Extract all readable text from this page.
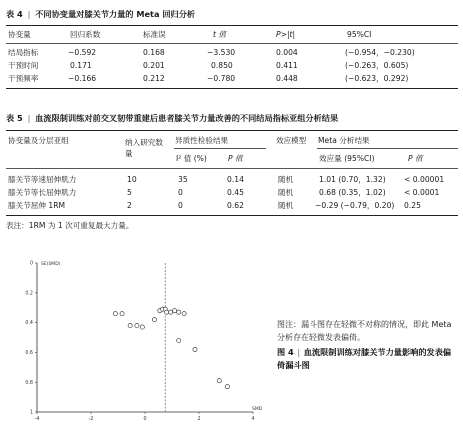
表 4 | 不同协变量对膝关节力量的 Meta 回归分析
协变量	回归系数	标准误	t 值	P>|t|	95%CI
结局指标	−0.592	0.168	−3.530	0.004	(−0.954，−0.230)
干预时间	0.171	0.201	0.850	0.411	(−0.263，0.605)
干预频率	−0.166	0.212	−0.780	0.448	(−0.623，0.292)
表 5 | 血流限制训练对前交叉韧带重建后患者膝关节力量改善的不同结局指标亚组分析结果
协变量及分层亚组	纳入研究数量
异质性检验结果	效应模型 Meta 分析结果
I² 值 (%)	P 值	效应量 (95%CI)	P 值
膝关节等速屈伸肌力	10	35	0.14	随机	1.01 (0.70，1.32) < 0.00001
膝关节等长屈伸肌力	5	0	0.45	随机	0.68 (0.35，1.02) < 0.0001
膝关节屈伸 1RM	2	0	0.62	随机	−0.29 (−0.79，0.20) 0.25
表注：1RM 为 1 次可重复最大力量。
SE(SMD)
SMD
0
0.2
0.4
0.6
0.8
1
-4	-2	0	2	4
图注：漏斗图存在轻微不对称的情况，即此 Meta 分析存在轻微发表偏倚。
图 4 | 血流限制训练对膝关节力量影响的发表偏倚漏斗图
